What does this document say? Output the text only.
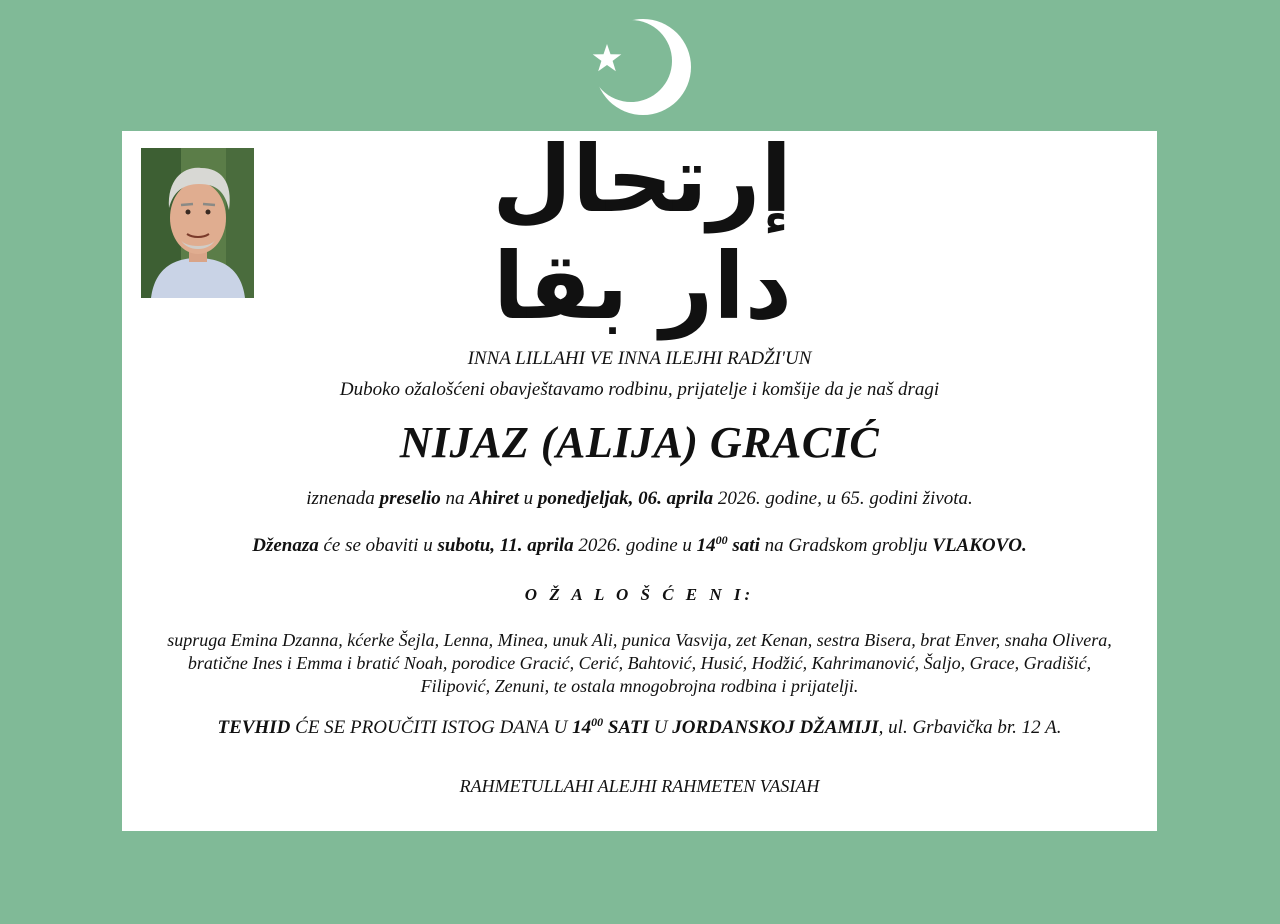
إرتحال دار بقا
INNA LILLAHI VE INNA ILEJHI RADŽI'UN
Duboko ožalošćeni obavještavamo rodbinu, prijatelje i komšije da je naš dragi
NIJAZ (ALIJA) GRACIĆ
iznenada preselio na Ahiret u ponedjeljak, 06. aprila 2026. godine, u 65. godini života.
Dženaza će se obaviti u subotu, 11. aprila 2026. godine u $14^{00}$ sati na Gradskom groblju VLAKOVO.
O Ž A L O Š Ć E N I:
supruga Emina Dzanna, kćerke Šejla, Lenna, Minea, unuk Ali, punica Vasvija, zet Kenan, sestra Bisera, brat Enver, snaha Olivera, bratične Ines i Emma i bratić Noah, porodice Gracić, Cerić, Bahtović, Husić, Hodžić, Kahrimanović, Šaljo, Grace, Gradišić, Filipović, Zenuni, te ostala mnogobrojna rodbina i prijatelji.
TEVHID ĆE SE PROUČITI ISTOG DANA U $14^{00}$ SATI U JORDANSKOJ DŽAMIJI, ul. Grbavička br. 12 A.
RAHMETULLAHI ALEJHI RAHMETEN VASIAH
